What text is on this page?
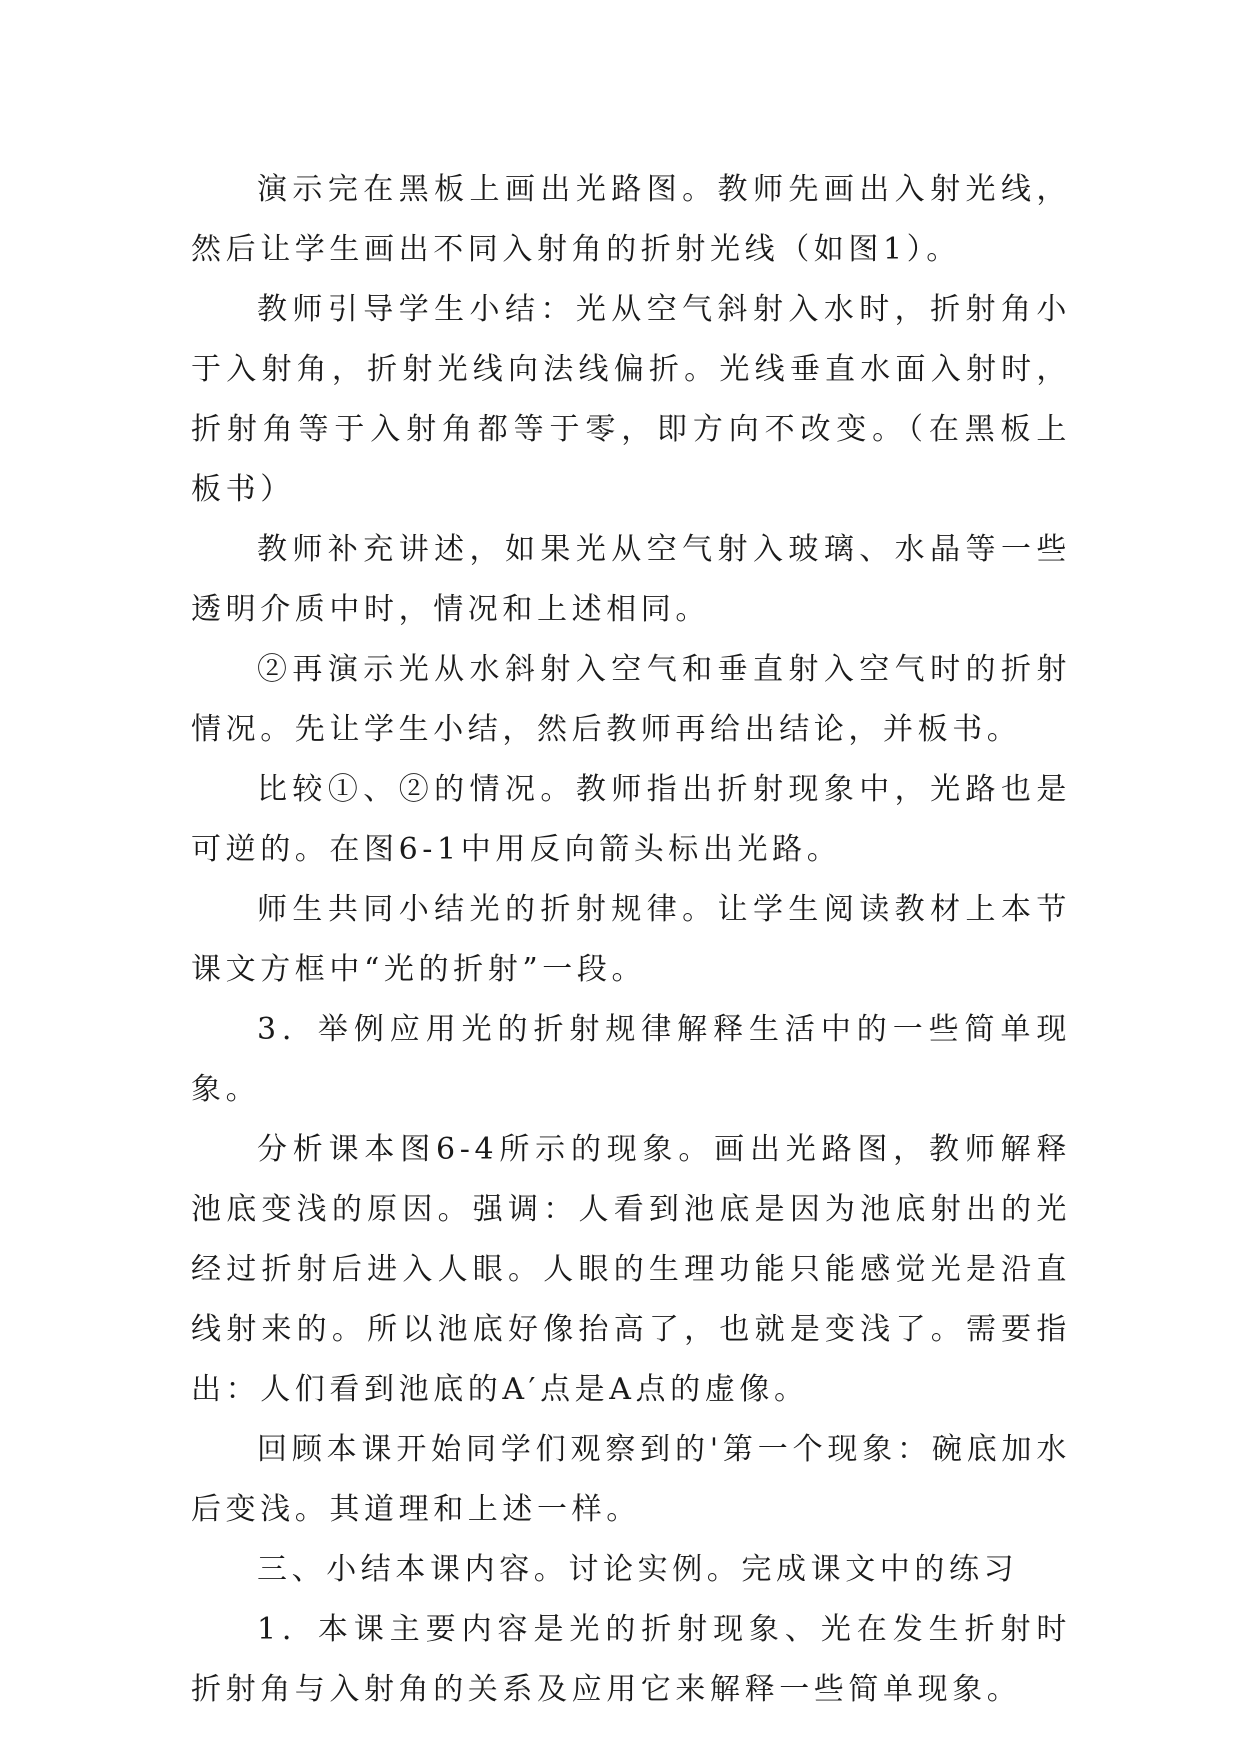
演示完在黑板上画出光路图。教师先画出入射光线，然后让学生画出不同入射角的折射光线（如图1）。

教师引导学生小结：光从空气斜射入水时，折射角小于入射角，折射光线向法线偏折。光线垂直水面入射时，折射角等于入射角都等于零，即方向不改变。（在黑板上板书）

教师补充讲述，如果光从空气射入玻璃、水晶等一些透明介质中时，情况和上述相同。

②再演示光从水斜射入空气和垂直射入空气时的折射情况。先让学生小结，然后教师再给出结论，并板书。

比较①、②的情况。教师指出折射现象中，光路也是可逆的。在图6-1中用反向箭头标出光路。

师生共同小结光的折射规律。让学生阅读教材上本节课文方框中“光的折射”一段。

3．举例应用光的折射规律解释生活中的一些简单现象。

分析课本图6-4所示的现象。画出光路图，教师解释池底变浅的原因。强调：人看到池底是因为池底射出的光经过折射后进入人眼。人眼的生理功能只能感觉光是沿直线射来的。所以池底好像抬高了，也就是变浅了。需要指出：人们看到池底的A′点是A点的虚像。

回顾本课开始同学们观察到的'第一个现象：碗底加水后变浅。其道理和上述一样。

三、小结本课内容。讨论实例。完成课文中的练习

1．本课主要内容是光的折射现象、光在发生折射时折射角与入射角的关系及应用它来解释一些简单现象。
